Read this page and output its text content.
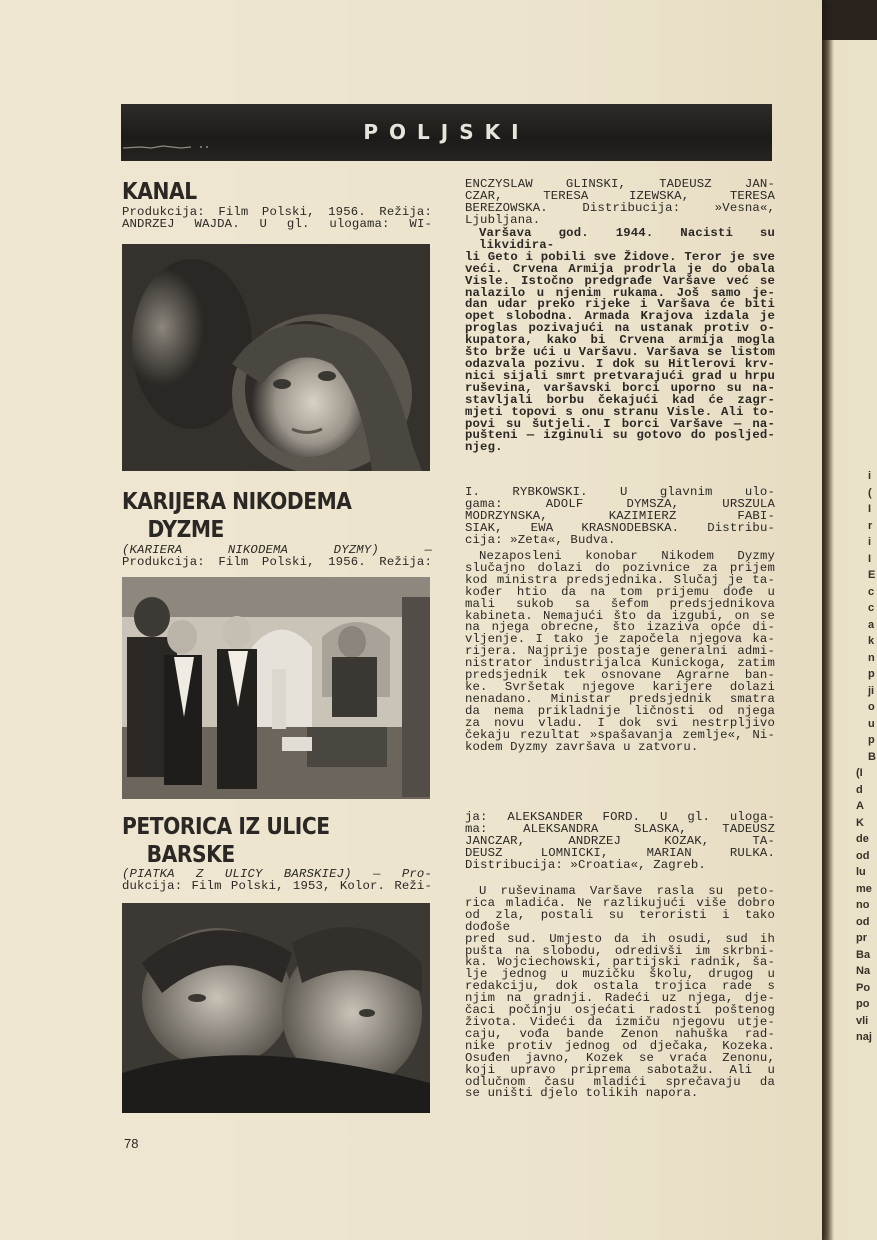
i
(
I
r
i
I
E
c
c
a
k
n
p
ji
o
u
p
B
(I
d
A
K
de
od
lu
me
no
od
pr
Ba
Na
Po
po
vli
naj
POLJSKI
KANAL
Produkcija: Film Polski, 1956. Režija:
ANDRZEJ WAJDA. U gl. ulogama: WI-
KARIJERA NIKODEMA
DYZME
(KARIERA NIKODEMA DYZMY) —
Produkcija: Film Polski, 1956. Režija:
PETORICA IZ ULICE
BARSKE
(PIATKA Z ULICY BARSKIEJ) — Pro-
dukcija: Film Polski, 1953, Kolor. Reži-
ENCZYSLAW GLINSKI, TADEUSZ JAN-
CZAR, TERESA IZEWSKA, TERESA
BEREZOWSKA. Distribucija: »Vesna«,
Ljubljana.
Varšava god. 1944. Nacisti su likvidira-
li Geto i pobili sve Židove. Teror je sve
veći. Crvena Armija prodrla je do obala
Visle. Istočno predgrađe Varšave već se
nalazilo u njenim rukama. Još samo je-
dan udar preko rijeke i Varšava će biti
opet slobodna. Armada Krajova izdala je
proglas pozivajući na ustanak protiv o-
kupatora, kako bi Crvena armija mogla
što brže ući u Varšavu. Varšava se listom
odazvala pozivu. I dok su Hitlerovi krv-
nici sijali smrt pretvarajući grad u hrpu
ruševina, varšavski borci uporno su na-
stavljali borbu čekajući kad će zagr-
mjeti topovi s onu stranu Visle. Ali to-
povi su šutjeli. I borci Varšave — na-
pušteni — izginuli su gotovo do posljed-
njeg.
I. RYBKOWSKI. U glavnim ulo-
gama: ADOLF DYMSZA, URSZULA
MODRZYNSKA, KAZIMIERZ FABI-
SIAK, EWA KRASNODEBSKA. Distribu-
cija: »Zeta«, Budva.
Nezaposleni konobar Nikodem Dyzmy
slučajno dolazi do pozivnice za prijem
kod ministra predsjednika. Slučaj je ta-
kođer htio da na tom prijemu dođe u
mali sukob sa šefom predsjednikova
kabineta. Nemajući što da izgubi, on se
na njega obrecne, što izaziva opće di-
vljenje. I tako je započela njegova ka-
rijera. Najprije postaje generalni admi-
nistrator industrijalca Kunickoga, zatim
predsjednik tek osnovane Agrarne ban-
ke. Svršetak njegove karijere dolazi
nenadano. Ministar predsjednik smatra
da nema prikladnije ličnosti od njega
za novu vladu. I dok svi nestrpljivo
čekaju rezultat »spašavanja zemlje«, Ni-
kodem Dyzmy završava u zatvoru.
ja: ALEKSANDER FORD. U gl. uloga-
ma: ALEKSANDRA SLASKA, TADEUSZ
JANCZAR, ANDRZEJ KOZAK, TA-
DEUSZ LOMNICKI, MARIAN RULKA.
Distribucija: »Croatia«, Zagreb.
U ruševinama Varšave rasla su peto-
rica mladića. Ne razlikujući više dobro
od zla, postali su teroristi i tako dođoše
pred sud. Umjesto da ih osudi, sud ih
pušta na slobodu, odredivši im skrbni-
ka. Wojciechowski, partijski radnik, ša-
lje jednog u muzičku školu, drugog u
redakciju, dok ostala trojica rade s
njim na gradnji. Radeći uz njega, dje-
čaci počinju osjećati radosti poštenog
života. Videći da izmiču njegovu utje-
caju, vođa bande Zenon nahuška rad-
nike protiv jednog od dječaka, Kozeka.
Osuđen javno, Kozek se vraća Zenonu,
koji upravo priprema sabotažu. Ali u
odlučnom času mladići sprečavaju da
se uništi djelo tolikih napora.
78
